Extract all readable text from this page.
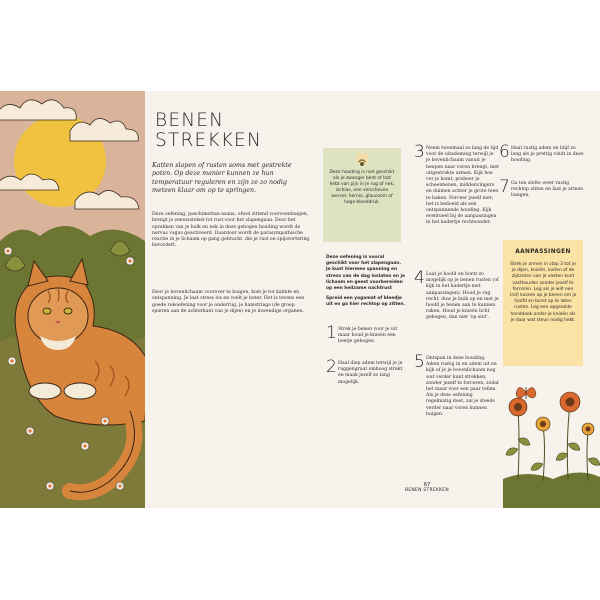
BENEN
STREKKEN
Katten slapen of rusten soms met gestrekte poten. Op deze manier kunnen ze hun temperatuur reguleren en zijn ze zo nodig meteen klaar om op te springen.
Deze oefening, paschimottan-asana, ofwel zittend voorovenbuigen, brengt je zenuwstelsel tot rust voor het slapengaan. Door het oprekken van je bulk en nek in deze gebogen houding wordt de nervus vagus geactiveerd. Daardoor wordt de parasympathische reactie in je lichaam op gang gebracht, die je rust en spijsvertering bevordert.
Door je bovenlichaam voorover te buigen, kom je tot kalmte en ontspanning. Je laat stress los en voelt je beter. Het is tevens een goede rekoefening voor je onderrug, je hamstrings (de groep spieren aan de achterkant van je dijen) en je inwendige organen.
Deze houding is niet geschikt als je zwanger bent of last hebt van pijn in je rug of nek, ischias, een verschoven wervel, hernia, glaucoom of hoge bloeddruk.

Deze oefening is vooral geschikt voor het slapengaan. Je kunt hiermee spanning en stress van de dag loslaten en je lichaam en geest voorbereiden op een heilzame nachtrust

Spreid een yogamat of kleedje uit en ga hier rechtop op zitten.

1 Strek je benen voor je uit maar houd je knieën een beetje gebogen.
2 Haal diep adem terwijl je je ruggengraat omhoog strekt en maak jezelf zo lang mogelijk.
3 Neem tweemaal zo lang de tijd voor de uitademing terwijl je je bovenlichaam vanuit je heupen naar voren brengt, met uitgestrekte armen. Kijk hoe ver je komt; probeer je scheenbenen, middenvingers en duimen achter je grote teen te haken. Forceer jezelf niet; het is bedoeld als een ontspannende houding. Kijk eventueel bij de aanpassingen in het kadertje rechtsonder.
4 Laat je hoofd en borst zo mogelijk op je benen rusten (of kijk in het kadertje met aanpassingen). Houd je rug recht, duw je buik op en met je hoofd je benen aan te kunnen raken. Houd je knieën licht gebogen, dan niet 'op slot'.
5 Ontspan in deze houding. Adem rustig in en adem uit en kijk of je je bovenlichaam nog wat verder kunt strekken, zonder jezelf te forceren, zodat het maar voor een paar tellen. Als je deze oefening regelmatig doet, zal je steeds verder naar voren kunnen buigen.
6 Haal rustig adem en blijf zo lang als je prettig vindt in deze houding.
7 Ga ten slotte weer rustig rechtop zitten en laat je armen hangen.
AANPASSINGEN
Strek je armen in stap 3 tot je je dijen, knieën, kuiten of de zijkanten van je voeten kunt vasthouden zonder jezelf te forceren. Leg als je wilt een (rol) kussen op je benen om je hoofd en borst op te laten rusten. Leg een opgerolde handdoek onder je knieën als je daar wat steun nodig hebt.
67
BENEN STREKKEN
